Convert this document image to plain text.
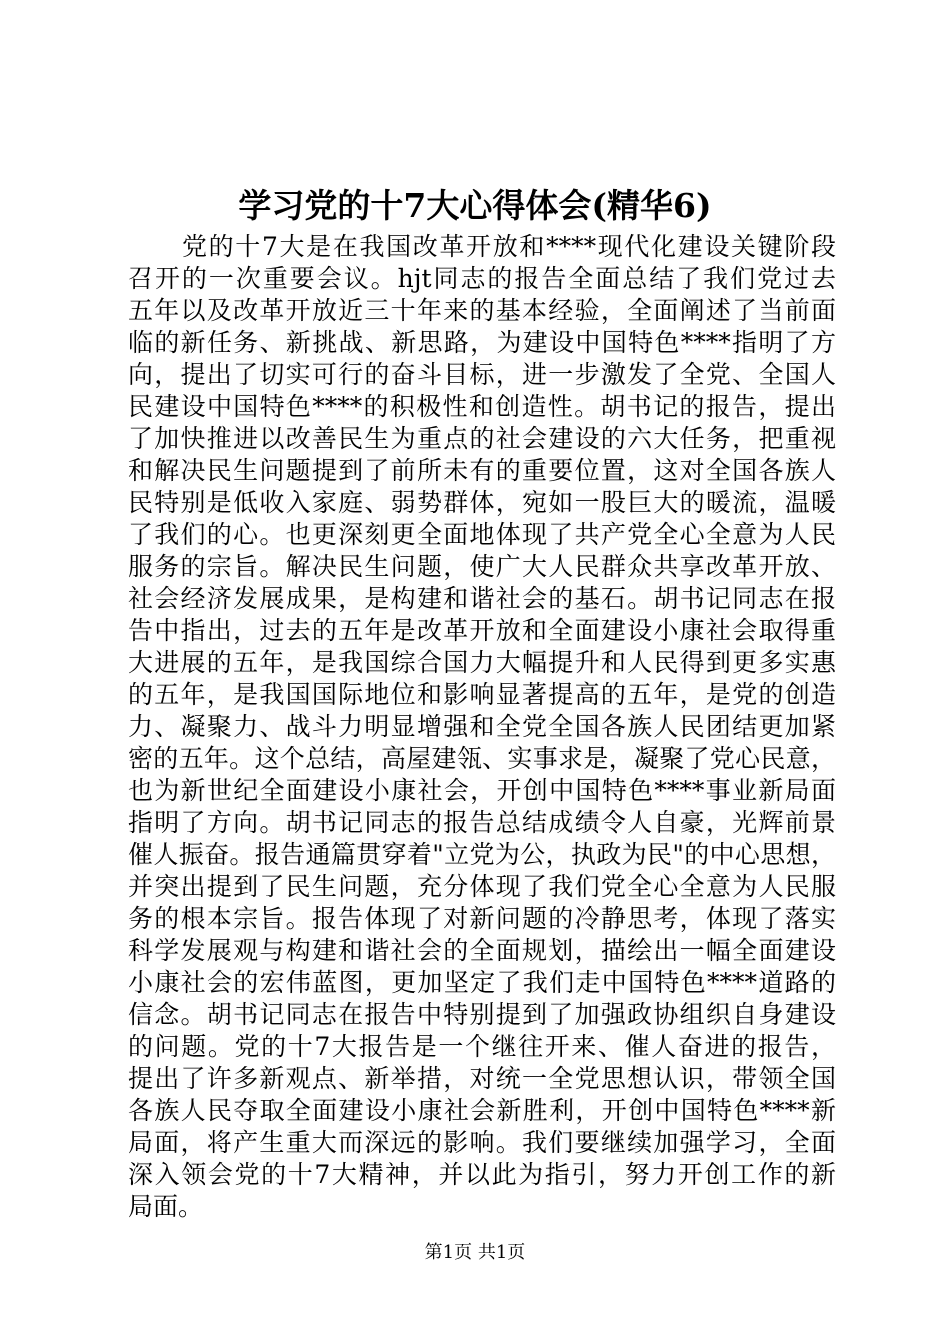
学习党的十7大心得体会(精华6)
党的十7大是在我国改革开放和****现代化建设关键阶段
召开的一次重要会议。hjt同志的报告全面总结了我们党过去
五年以及改革开放近三十年来的基本经验，全面阐述了当前面
临的新任务、新挑战、新思路，为建设中国特色****指明了方
向，提出了切实可行的奋斗目标，进一步激发了全党、全国人
民建设中国特色****的积极性和创造性。胡书记的报告，提出
了加快推进以改善民生为重点的社会建设的六大任务，把重视
和解决民生问题提到了前所未有的重要位置，这对全国各族人
民特别是低收入家庭、弱势群体，宛如一股巨大的暖流，温暖
了我们的心。也更深刻更全面地体现了共产党全心全意为人民
服务的宗旨。解决民生问题，使广大人民群众共享改革开放、
社会经济发展成果，是构建和谐社会的基石。胡书记同志在报
告中指出，过去的五年是改革开放和全面建设小康社会取得重
大进展的五年，是我国综合国力大幅提升和人民得到更多实惠
的五年，是我国国际地位和影响显著提高的五年，是党的创造
力、凝聚力、战斗力明显增强和全党全国各族人民团结更加紧
密的五年。这个总结，高屋建瓴、实事求是，凝聚了党心民意，
也为新世纪全面建设小康社会，开创中国特色****事业新局面
指明了方向。胡书记同志的报告总结成绩令人自豪，光辉前景
催人振奋。报告通篇贯穿着"立党为公，执政为民"的中心思想，
并突出提到了民生问题，充分体现了我们党全心全意为人民服
务的根本宗旨。报告体现了对新问题的冷静思考，体现了落实
科学发展观与构建和谐社会的全面规划，描绘出一幅全面建设
小康社会的宏伟蓝图，更加坚定了我们走中国特色****道路的
信念。胡书记同志在报告中特别提到了加强政协组织自身建设
的问题。党的十7大报告是一个继往开来、催人奋进的报告，
提出了许多新观点、新举措，对统一全党思想认识，带领全国
各族人民夺取全面建设小康社会新胜利，开创中国特色****新
局面，将产生重大而深远的影响。我们要继续加强学习，全面
深入领会党的十7大精神，并以此为指引，努力开创工作的新
局面。
第1页 共1页
